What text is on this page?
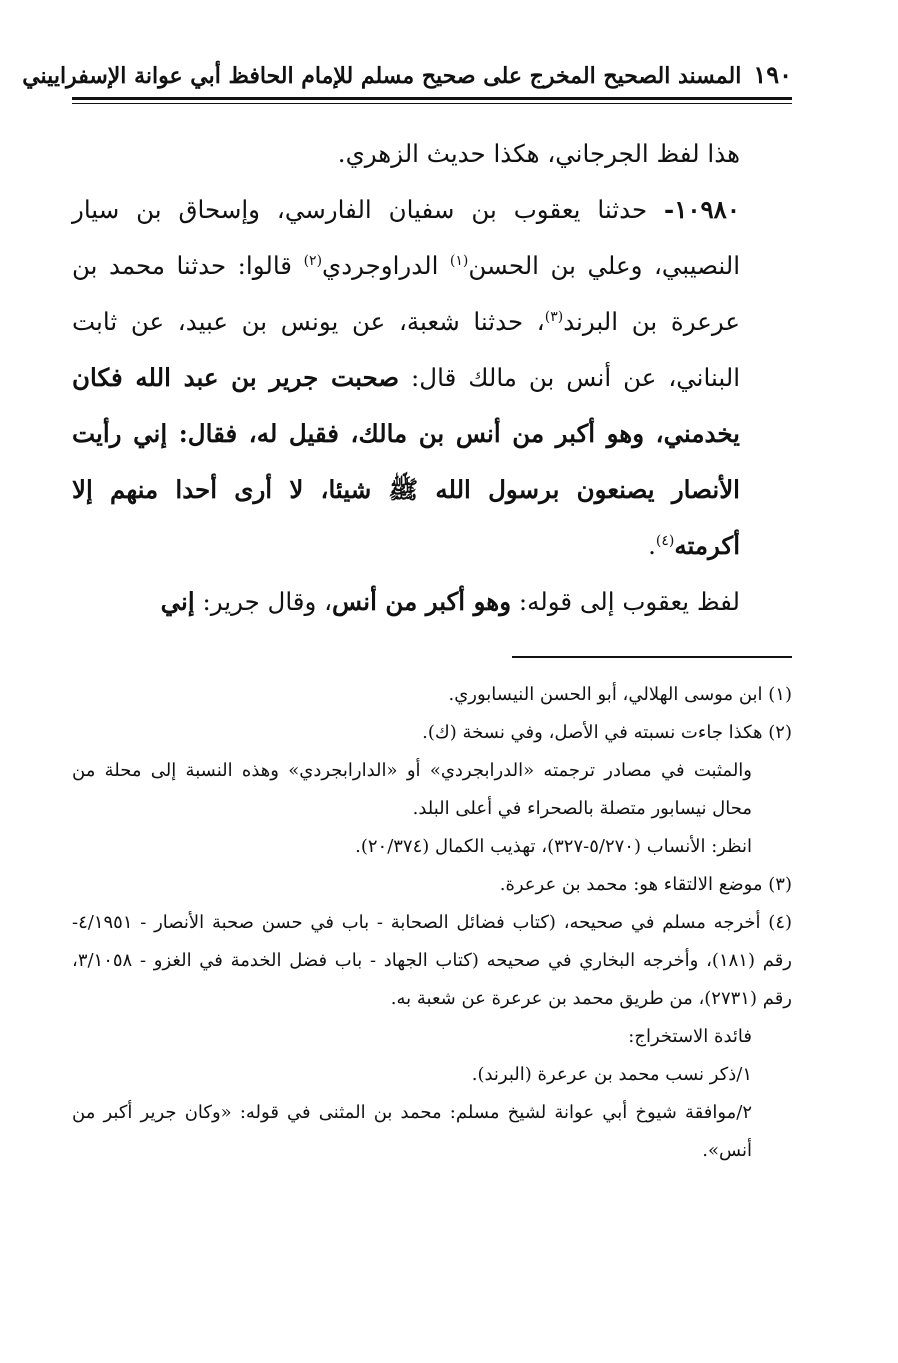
١٩٠
المسند الصحيح المخرج على صحيح مسلم للإمام الحافظ أبي عوانة الإسفراييني

هذا لفظ الجرجاني، هكذا حديث الزهري.

١٠٩٨٠- حدثنا يعقوب بن سفيان الفارسي، وإسحاق بن سيار النصيبي، وعلي بن الحسن$^{(١)}$ الدراوجردي$^{(٢)}$ قالوا: حدثنا محمد بن عرعرة بن البرند$^{(٣)}$، حدثنا شعبة، عن يونس بن عبيد، عن ثابت البناني، عن أنس بن مالك قال: صحبت جرير بن عبد الله فكان يخدمني، وهو أكبر من أنس بن مالك، فقيل له، فقال: إني رأيت الأنصار يصنعون برسول الله ﷺ شيئا، لا أرى أحدا منهم إلا أكرمته$^{(٤)}$.

لفظ يعقوب إلى قوله: وهو أكبر من أنس، وقال جرير: إني

(١) ابن موسى الهلالي، أبو الحسن النيسابوري.

(٢) هكذا جاءت نسبته في الأصل، وفي نسخة (ك).

والمثبت في مصادر ترجمته «الدرابجردي» أو «الدارابجردي» وهذه النسبة إلى محلة من محال نيسابور متصلة بالصحراء في أعلى البلد.

انظر: الأنساب (٥/٢٧٠-٣٢٧)، تهذيب الكمال (٢٠/٣٧٤).

(٣) موضع الالتقاء هو: محمد بن عرعرة.

(٤) أخرجه مسلم في صحيحه، (كتاب فضائل الصحابة - باب في حسن صحبة الأنصار - ٤/١٩٥١- رقم (١٨١)، وأخرجه البخاري في صحيحه (كتاب الجهاد - باب فضل الخدمة في الغزو - ٣/١٠٥٨، رقم (٢٧٣١)، من طريق محمد بن عرعرة عن شعبة به.

فائدة الاستخراج:

١/ذكر نسب محمد بن عرعرة (البرند).

٢/موافقة شيوخ أبي عوانة لشيخ مسلم: محمد بن المثنى في قوله: «وكان جرير أكبر من أنس».
